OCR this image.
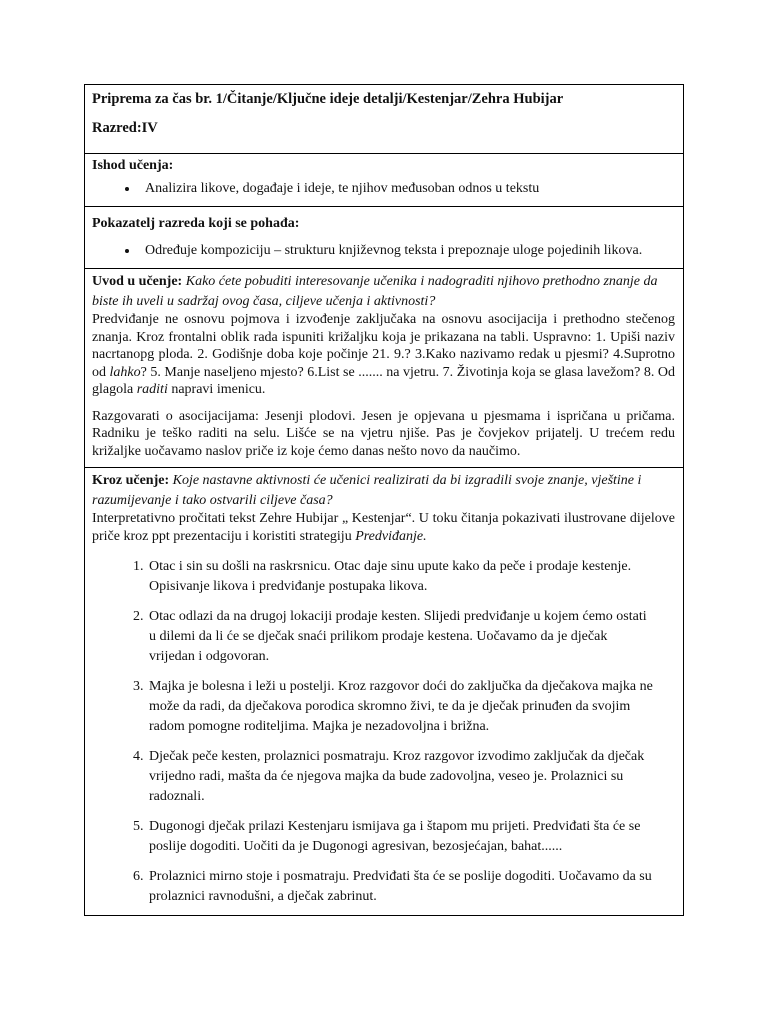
Priprema za čas br. 1/Čitanje/Ključne ideje detalji/Kestenjar/Zehra Hubijar
Razred:IV
Ishod učenja:
• Analizira likove, događaje i ideje, te njihov međusoban odnos u tekstu
Pokazatelj razreda koji se pohađa:
• Određuje kompoziciju – strukturu književnog teksta i prepoznaje uloge pojedinih likova.

Uvod u učenje: Kako ćete pobuditi interesovanje učenika i nadograditi njihovo prethodno znanje da biste ih uveli u sadržaj ovog časa, ciljeve učenja i aktivnosti?

Predviđanje ne osnovu pojmova i izvođenje zaključaka na osnovu asocijacija i prethodno stečenog znanja. Kroz frontalni oblik rada ispuniti križaljku koja je prikazana na tabli. Uspravno: 1. Upiši naziv nacrtanopg ploda. 2. Godišnje doba koje počinje 21. 9.? 3.Kako nazivamo redak u pjesmi? 4.Suprotno od lahko? 5. Manje naseljeno mjesto? 6.List se ....... na vjetru. 7. Životinja koja se glasa lavežom? 8. Od glagola raditi napravi imenicu.

Razgovarati o asocijacijama: Jesenji plodovi. Jesen je opjevana u pjesmama i ispričana u pričama. Radniku je teško raditi na selu. Lišće se na vjetru njiše. Pas je čovjekov prijatelj. U trećem redu križaljke uočavamo naslov priče iz koje ćemo danas nešto novo da naučimo.

Kroz učenje: Koje nastavne aktivnosti će učenici realizirati da bi izgradili svoje znanje, vještine i razumijevanje i tako ostvarili ciljeve časa?

Interpretativno pročitati tekst Zehre Hubijar „ Kestenjar“. U toku čitanja pokazivati ilustrovane dijelove priče kroz ppt prezentaciju i koristiti strategiju Predviđanje.

1. Otac i sin su došli na raskrsnicu. Otac daje sinu upute kako da peče i prodaje kestenje. Opisivanje likova i predviđanje postupaka likova.
2. Otac odlazi da na drugoj lokaciji prodaje kesten. Slijedi predviđanje u kojem ćemo ostati u dilemi da li će se dječak snaći prilikom prodaje kestena. Uočavamo da je dječak vrijedan i odgovoran.
3. Majka je bolesna i leži u postelji. Kroz razgovor doći do zaključka da dječakova majka ne može da radi, da dječakova porodica skromno živi, te da je dječak prinuđen da svojim radom pomogne roditeljima. Majka je nezadovoljna i brižna.
4. Dječak peče kesten, prolaznici posmatraju. Kroz razgovor izvodimo zaključak da dječak vrijedno radi, mašta da će njegova majka da bude zadovoljna, veseo je. Prolaznici su radoznali.
5. Dugonogi dječak prilazi Kestenjaru ismijava ga i štapom mu prijeti. Predviđati šta će se poslije dogoditi. Uočiti da je Dugonogi agresivan, bezosjećajan, bahat......
6. Prolaznici mirno stoje i posmatraju. Predviđati šta će se poslije dogoditi. Uočavamo da su prolaznici ravnodušni, a dječak zabrinut.
